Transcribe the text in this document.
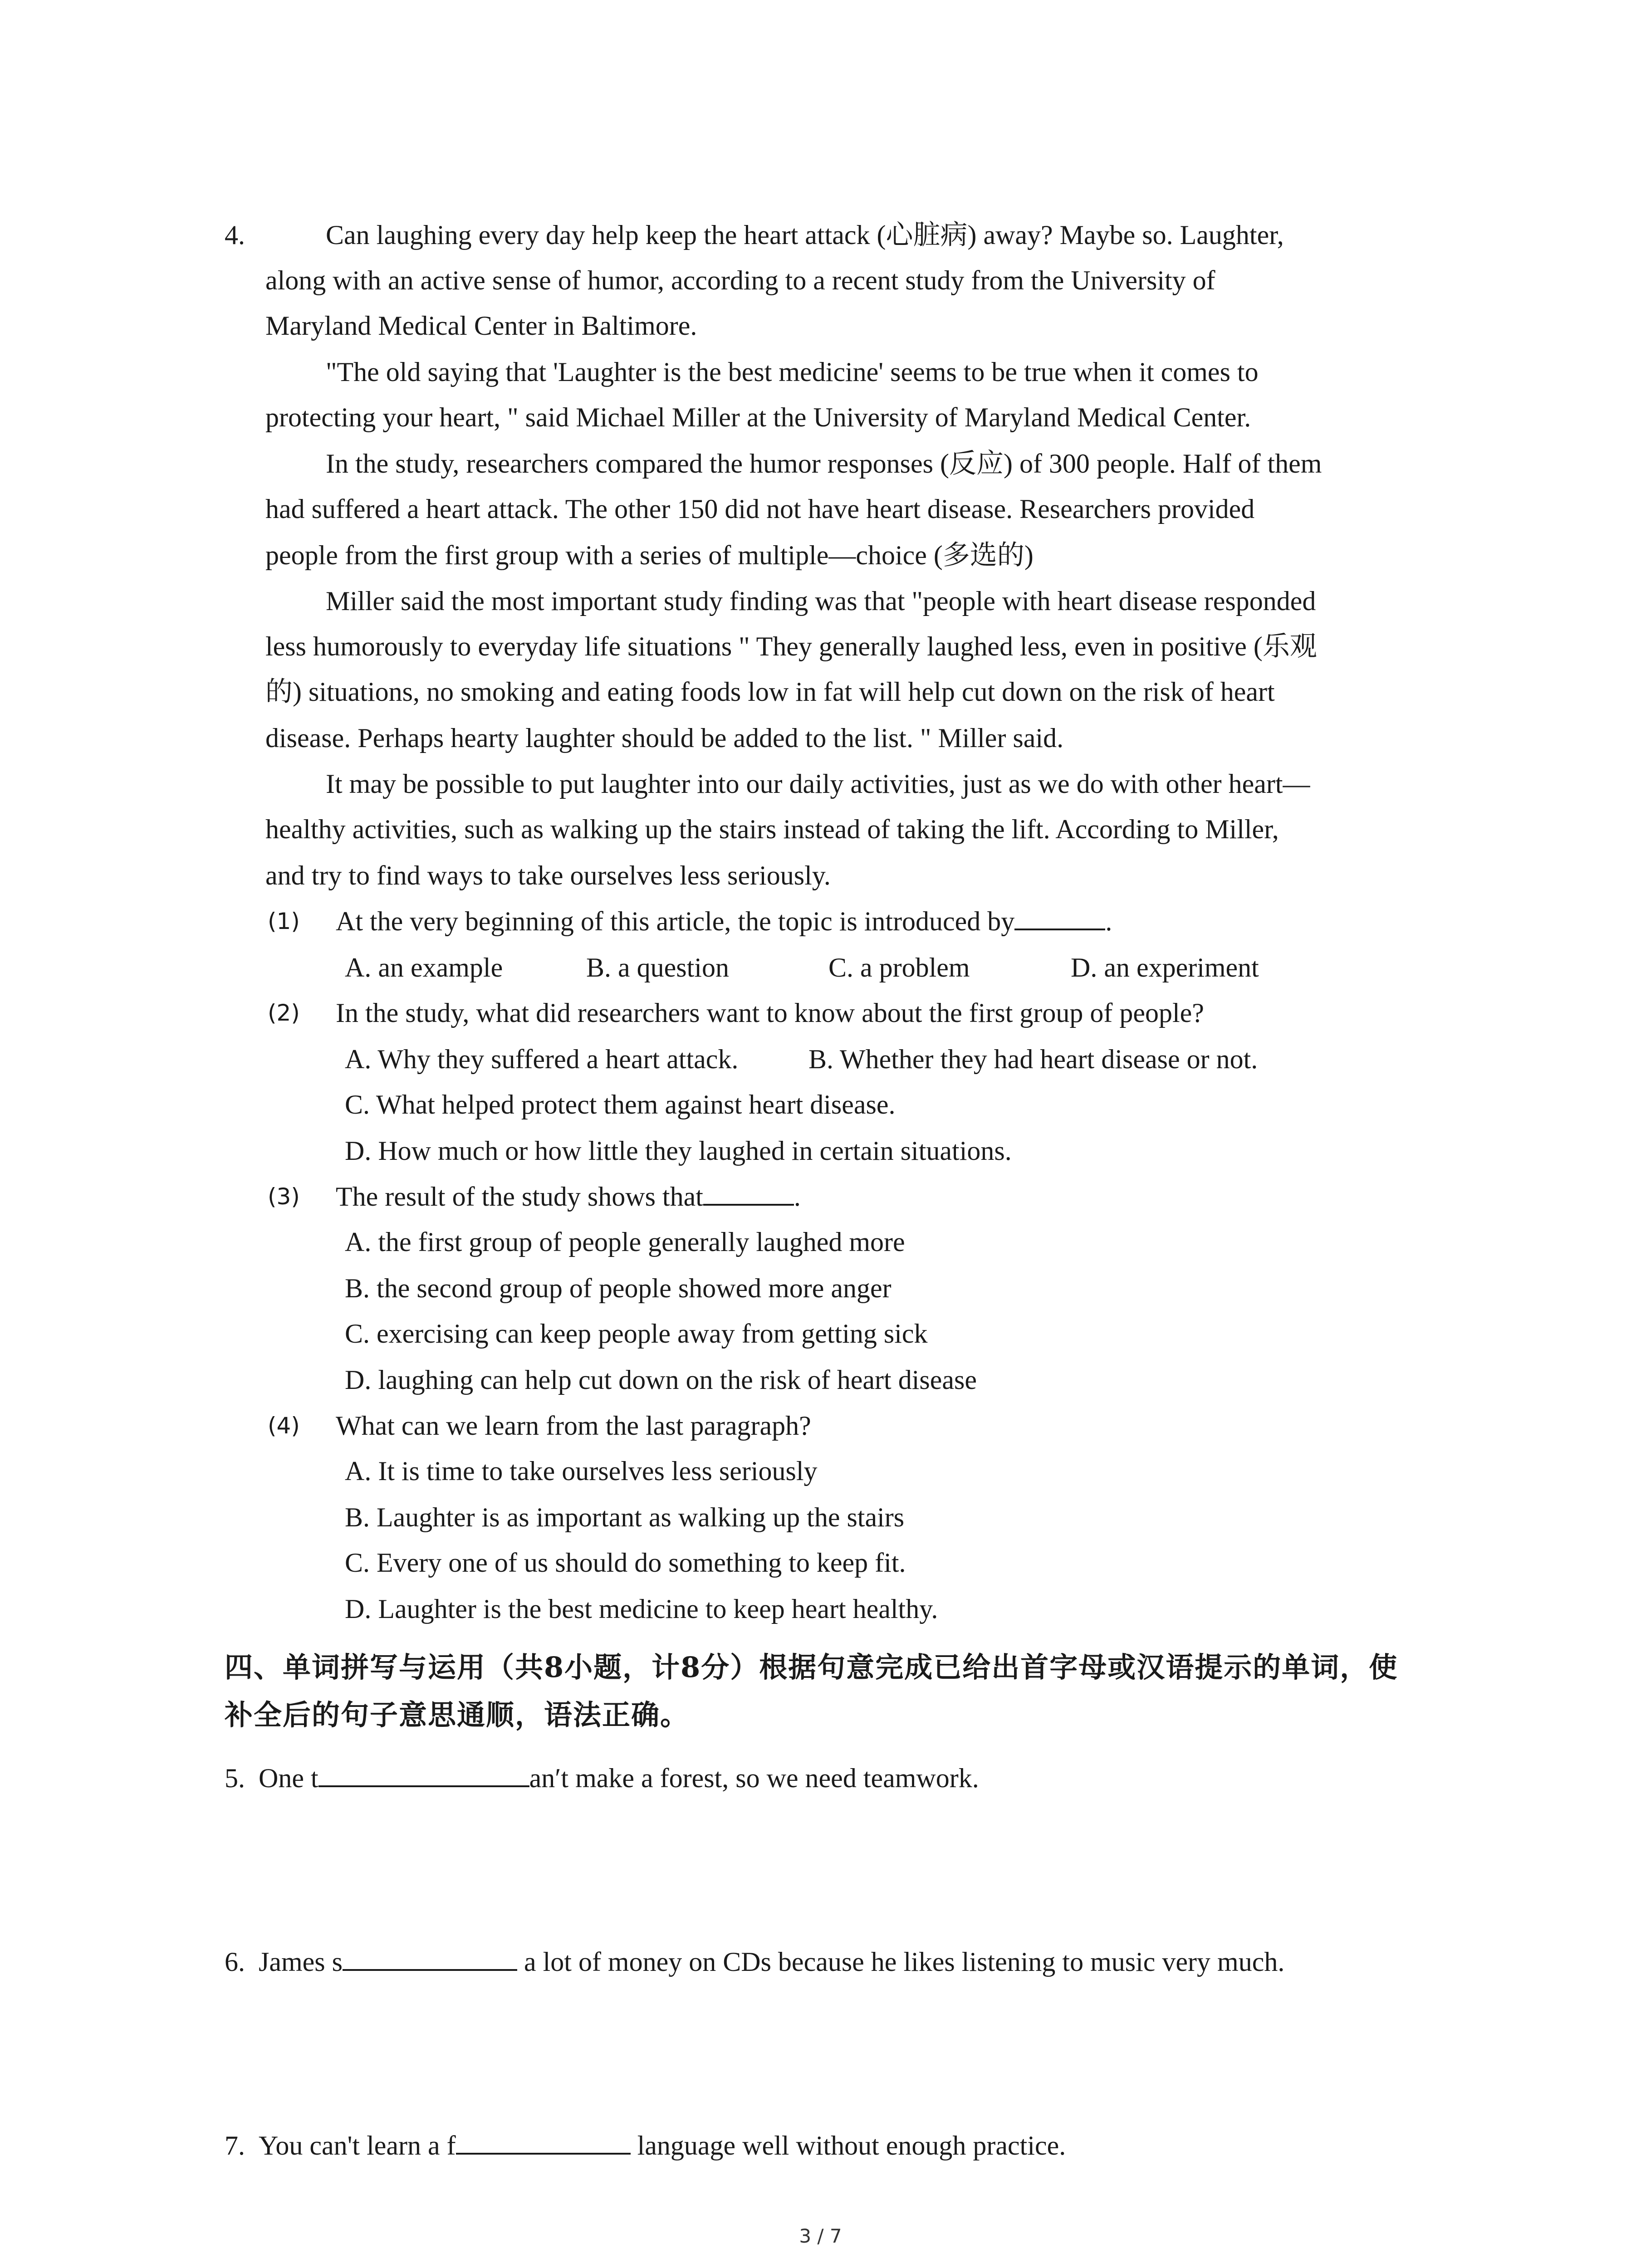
4.	Can laughing every day help keep the heart attack (心脏病) away? Maybe so. Laughter,
along with an active sense of humor, according to a recent study from the University of
Maryland Medical Center in Baltimore.
"The old saying that 'Laughter is the best medicine' seems to be true when it comes to
protecting your heart, " said Michael Miller at the University of Maryland Medical Center.
In the study, researchers compared the humor responses (反应) of 300 people. Half of them
had suffered a heart attack. The other 150 did not have heart disease. Researchers provided
people from the first group with a series of multiple—choice (多选的)
Miller said the most important study finding was that "people with heart disease responded
less humorously to everyday life situations " They generally laughed less, even in positive (乐观
的) situations, no smoking and eating foods low in fat will help cut down on the risk of heart
disease. Perhaps hearty laughter should be added to the list. " Miller said.
It may be possible to put laughter into our daily activities, just as we do with other heart—
healthy activities, such as walking up the stairs instead of taking the lift. According to Miller,
and try to find ways to take ourselves less seriously.
(1) At the very beginning of this article, the topic is introduced by	.
A. an example	B. a question	C. a problem	D. an experiment
(2) In the study, what did researchers want to know about the first group of people?
A. Why they suffered a heart attack.	B. Whether they had heart disease or not.
C. What helped protect them against heart disease.
D. How much or how little they laughed in certain situations.
(3) The result of the study shows that	.
A. the first group of people generally laughed more
B. the second group of people showed more anger
C. exercising can keep people away from getting sick
D. laughing can help cut down on the risk of heart disease
(4) What can we learn from the last paragraph?
A. It is time to take ourselves less seriously
B. Laughter is as important as walking up the stairs
C. Every one of us should do something to keep fit.
D. Laughter is the best medicine to keep heart healthy.
四、单词拼写与运用（共8小题，计8分）根据句意完成已给出首字母或汉语提示的单词，使
补全后的句子意思通顺，语法正确。
5. One t	an′t make a forest, so we need teamwork.
6. James s	a lot of money on CDs because he likes listening to music very much.
7. You can't learn a f	language well without enough practice.
3 / 7
